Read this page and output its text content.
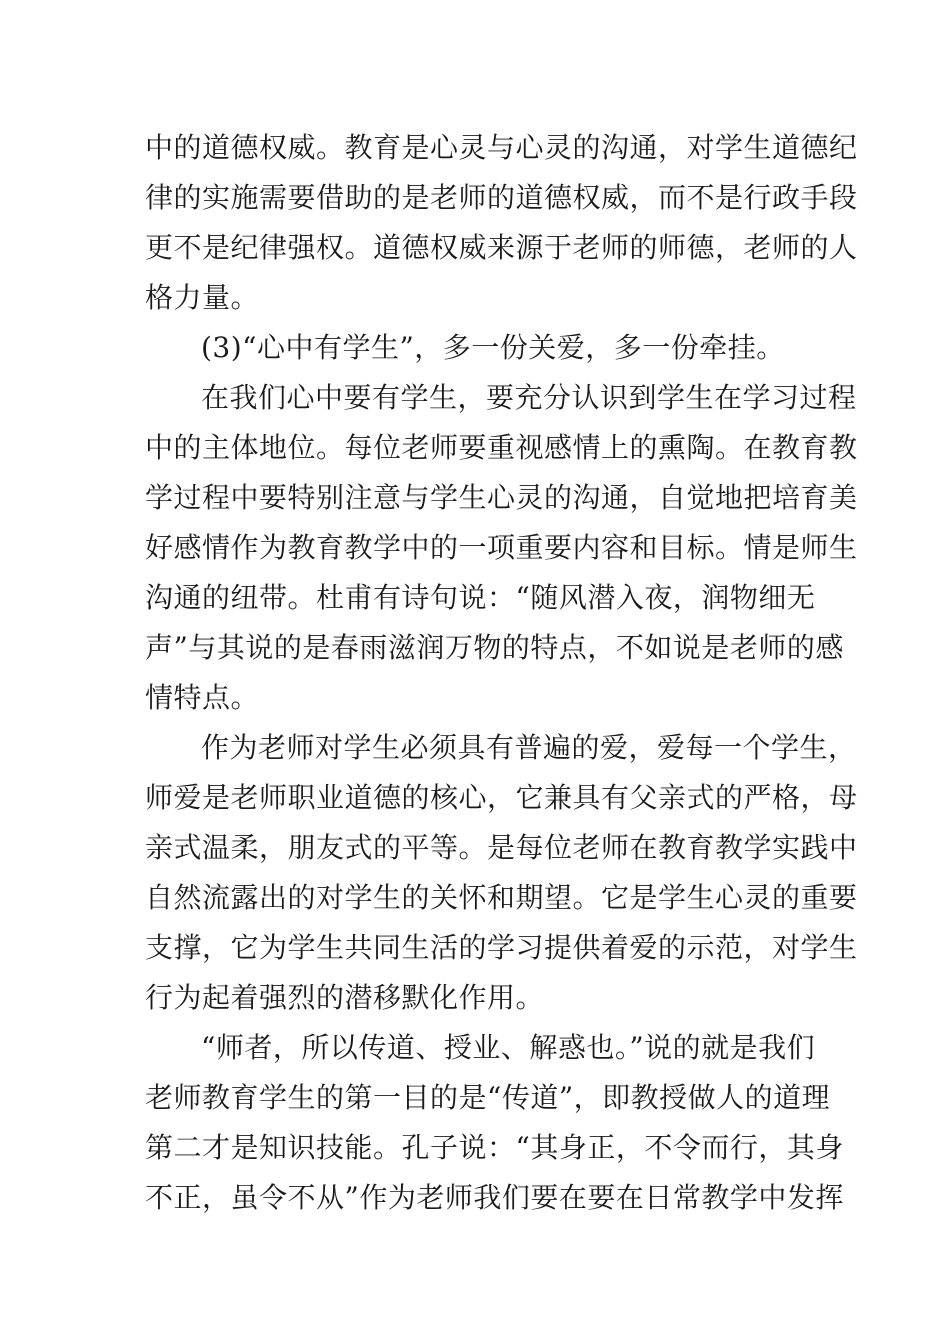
中的道德权威。教育是心灵与心灵的沟通，对学生道德纪
律的实施需要借助的是老师的道德权威，而不是行政手段
更不是纪律强权。道德权威来源于老师的师德，老师的人
格力量。
(3)“心中有学生”，多一份关爱，多一份牵挂。
在我们心中要有学生，要充分认识到学生在学习过程
中的主体地位。每位老师要重视感情上的熏陶。在教育教
学过程中要特别注意与学生心灵的沟通，自觉地把培育美
好感情作为教育教学中的一项重要内容和目标。情是师生
沟通的纽带。杜甫有诗句说：“随风潜入夜，润物细无
声”与其说的是春雨滋润万物的特点，不如说是老师的感
情特点。
作为老师对学生必须具有普遍的爱，爱每一个学生，
师爱是老师职业道德的核心，它兼具有父亲式的严格，母
亲式温柔，朋友式的平等。是每位老师在教育教学实践中
自然流露出的对学生的关怀和期望。它是学生心灵的重要
支撑，它为学生共同生活的学习提供着爱的示范，对学生
行为起着强烈的潜移默化作用。
“师者，所以传道、授业、解惑也。”说的就是我们
老师教育学生的第一目的是“传道”，即教授做人的道理
第二才是知识技能。孔子说：“其身正，不令而行，其身
不正，虽令不从”作为老师我们要在要在日常教学中发挥
